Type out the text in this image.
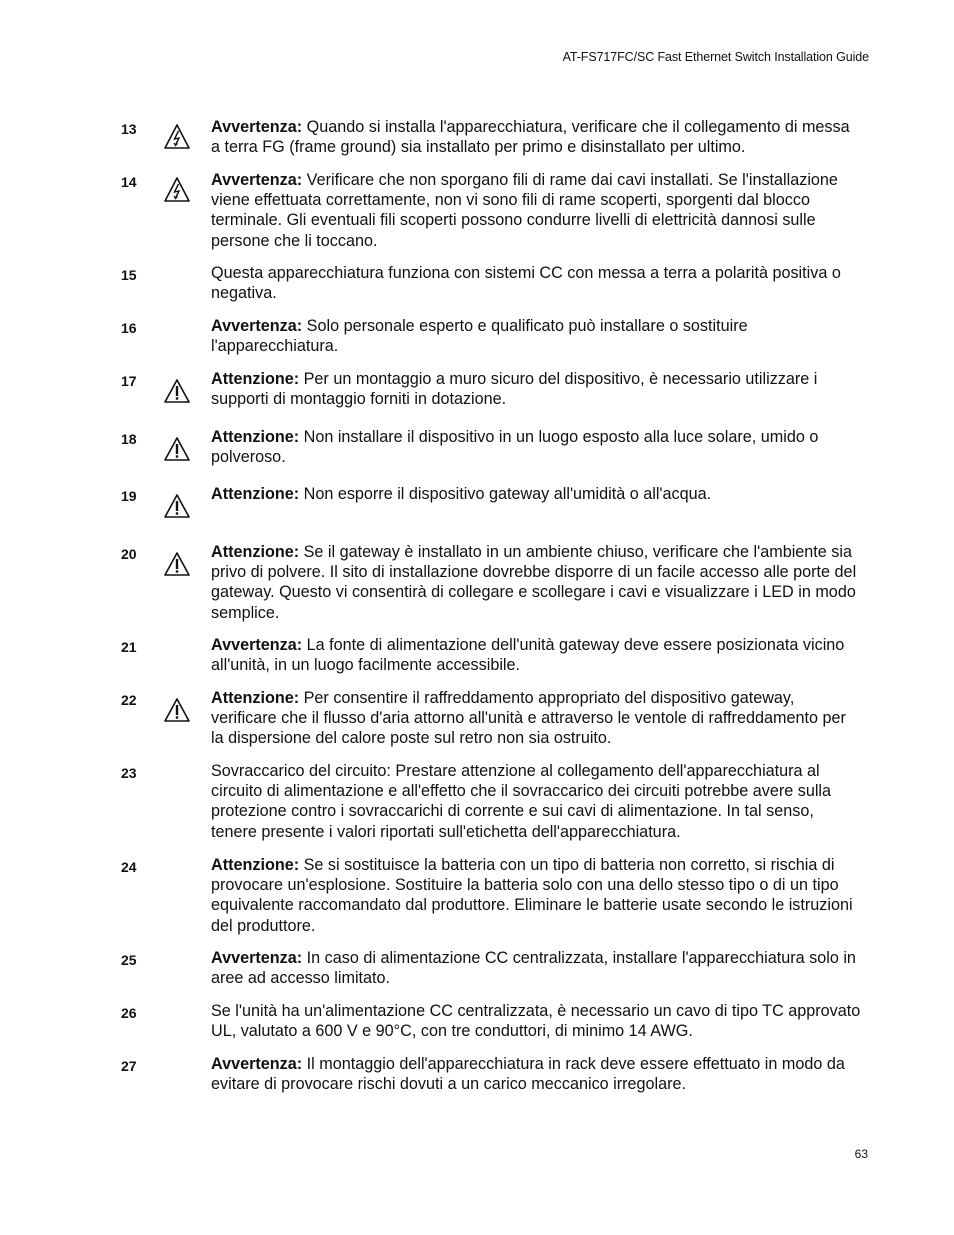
AT-FS717FC/SC Fast Ethernet Switch Installation Guide
13	Avvertenza: Quando si installa l'apparecchiatura, verificare che il collegamento di messa a terra FG (frame ground) sia installato per primo e disinstallato per ultimo.
14	Avvertenza: Verificare che non sporgano fili di rame dai cavi installati. Se l'installazione viene effettuata correttamente, non vi sono fili di rame scoperti, sporgenti dal blocco terminale. Gli eventuali fili scoperti possono condurre livelli di elettricità dannosi sulle persone che li toccano.
15	Questa apparecchiatura funziona con sistemi CC con messa a terra a polarità positiva o negativa.
16	Avvertenza: Solo personale esperto e qualificato può installare o sostituire l'apparecchiatura.
17	Attenzione: Per un montaggio a muro sicuro del dispositivo, è necessario utilizzare i supporti di montaggio forniti in dotazione.
18	Attenzione: Non installare il dispositivo in un luogo esposto alla luce solare, umido o polveroso.
19	Attenzione: Non esporre il dispositivo gateway all'umidità o all'acqua.
20	Attenzione: Se il gateway è installato in un ambiente chiuso, verificare che l'ambiente sia privo di polvere. Il sito di installazione dovrebbe disporre di un facile accesso alle porte del gateway. Questo vi consentirà di collegare e scollegare i cavi e visualizzare i LED in modo semplice.
21	Avvertenza: La fonte di alimentazione dell'unità gateway deve essere posizionata vicino all'unità, in un luogo facilmente accessibile.
22	Attenzione: Per consentire il raffreddamento appropriato del dispositivo gateway, verificare che il flusso d'aria attorno all'unità e attraverso le ventole di raffreddamento per la dispersione del calore poste sul retro non sia ostruito.
23	Sovraccarico del circuito: Prestare attenzione al collegamento dell'apparecchiatura al circuito di alimentazione e all'effetto che il sovraccarico dei circuiti potrebbe avere sulla protezione contro i sovraccarichi di corrente e sui cavi di alimentazione. In tal senso, tenere presente i valori riportati sull'etichetta dell'apparecchiatura.
24	Attenzione: Se si sostituisce la batteria con un tipo di batteria non corretto, si rischia di provocare un'esplosione. Sostituire la batteria solo con una dello stesso tipo o di un tipo equivalente raccomandato dal produttore. Eliminare le batterie usate secondo le istruzioni del produttore.
25	Avvertenza: In caso di alimentazione CC centralizzata, installare l'apparecchiatura solo in aree ad accesso limitato.
26	Se l'unità ha un'alimentazione CC centralizzata, è necessario un cavo di tipo TC approvato UL, valutato a 600 V e 90°C, con tre conduttori, di minimo 14 AWG.
27	Avvertenza: Il montaggio dell'apparecchiatura in rack deve essere effettuato in modo da evitare di provocare rischi dovuti a un carico meccanico irregolare.
63
